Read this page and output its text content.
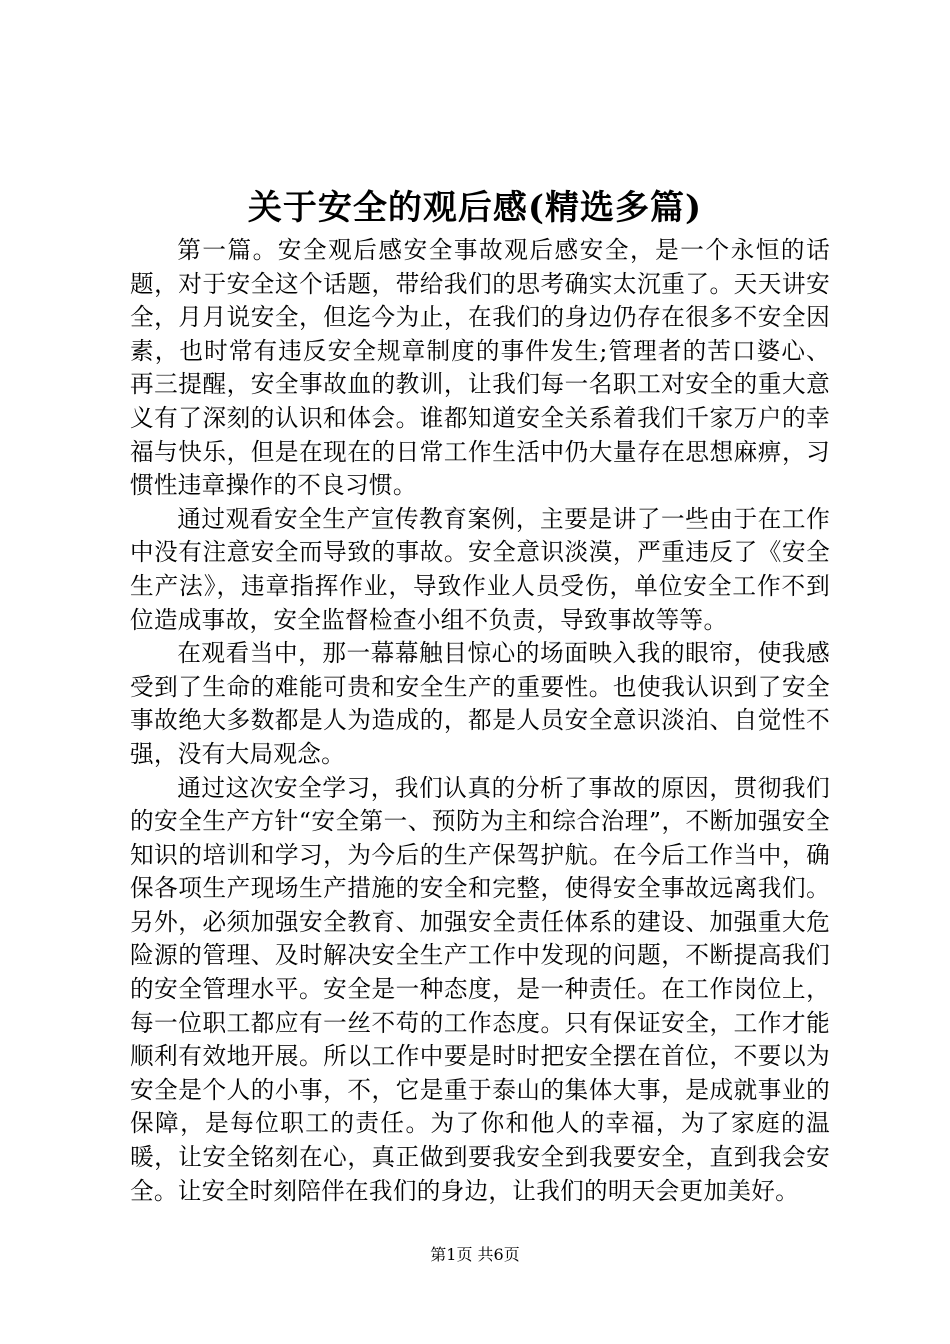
关于安全的观后感(精选多篇)

第一篇。安全观后感安全事故观后感安全，是一个永恒的话题，对于安全这个话题，带给我们的思考确实太沉重了。天天讲安全，月月说安全，但迄今为止，在我们的身边仍存在很多不安全因素，也时常有违反安全规章制度的事件发生;管理者的苦口婆心、再三提醒，安全事故血的教训，让我们每一名职工对安全的重大意义有了深刻的认识和体会。谁都知道安全关系着我们千家万户的幸福与快乐，但是在现在的日常工作生活中仍大量存在思想麻痹，习惯性违章操作的不良习惯。

通过观看安全生产宣传教育案例，主要是讲了一些由于在工作中没有注意安全而导致的事故。安全意识淡漠，严重违反了《安全生产法》，违章指挥作业，导致作业人员受伤，单位安全工作不到位造成事故，安全监督检查小组不负责，导致事故等等。

在观看当中，那一幕幕触目惊心的场面映入我的眼帘，使我感受到了生命的难能可贵和安全生产的重要性。也使我认识到了安全事故绝大多数都是人为造成的，都是人员安全意识淡泊、自觉性不强，没有大局观念。

通过这次安全学习，我们认真的分析了事故的原因，贯彻我们的安全生产方针“安全第一、预防为主和综合治理”，不断加强安全知识的培训和学习，为今后的生产保驾护航。在今后工作当中，确保各项生产现场生产措施的安全和完整，使得安全事故远离我们。另外，必须加强安全教育、加强安全责任体系的建设、加强重大危险源的管理、及时解决安全生产工作中发现的问题，不断提高我们的安全管理水平。安全是一种态度，是一种责任。在工作岗位上，每一位职工都应有一丝不苟的工作态度。只有保证安全，工作才能顺利有效地开展。所以工作中要是时时把安全摆在首位，不要以为安全是个人的小事，不，它是重于泰山的集体大事，是成就事业的保障，是每位职工的责任。为了你和他人的幸福，为了家庭的温暖，让安全铭刻在心，真正做到要我安全到我要安全，直到我会安全。让安全时刻陪伴在我们的身边，让我们的明天会更加美好。

第1页 共6页
